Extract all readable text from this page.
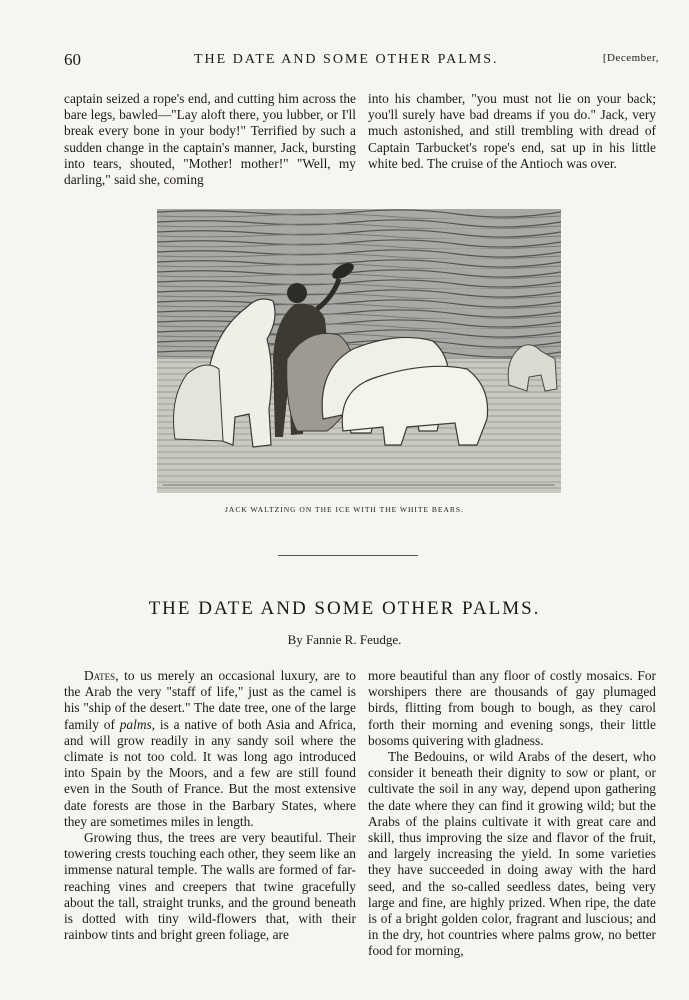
60	THE DATE AND SOME OTHER PALMS.	[December,

captain seized a rope's end, and cutting him across the bare legs, bawled—"Lay aloft there, you lubber, or I'll break every bone in your body!" Terrified by such a sudden change in the captain's manner, Jack, bursting into tears, shouted, "Mother! mother!" "Well, my darling," said she, coming

into his chamber, "you must not lie on your back; you'll surely have bad dreams if you do." Jack, very much astonished, and still trembling with dread of Captain Tarbucket's rope's end, sat up in his little white bed. The cruise of the Antioch was over.

JACK WALTZING ON THE ICE WITH THE WHITE BEARS.
THE DATE AND SOME OTHER PALMS.
By Fannie R. Feudge.

Dates, to us merely an occasional luxury, are to the Arab the very "staff of life," just as the camel is his "ship of the desert." The date tree, one of the large family of palms, is a native of both Asia and Africa, and will grow readily in any sandy soil where the climate is not too cold. It was long ago introduced into Spain by the Moors, and a few are still found even in the South of France. But the most extensive date forests are those in the Barbary States, where they are sometimes miles in length.

Growing thus, the trees are very beautiful. Their towering crests touching each other, they seem like an immense natural temple. The walls are formed of far-reaching vines and creepers that twine gracefully about the tall, straight trunks, and the ground beneath is dotted with tiny wild-flowers that, with their rainbow tints and bright green foliage, are

more beautiful than any floor of costly mosaics. For worshipers there are thousands of gay plumaged birds, flitting from bough to bough, as they carol forth their morning and evening songs, their little bosoms quivering with gladness.

The Bedouins, or wild Arabs of the desert, who consider it beneath their dignity to sow or plant, or cultivate the soil in any way, depend upon gathering the date where they can find it growing wild; but the Arabs of the plains cultivate it with great care and skill, thus improving the size and flavor of the fruit, and largely increasing the yield. In some varieties they have succeeded in doing away with the hard seed, and the so-called seedless dates, being very large and fine, are highly prized. When ripe, the date is of a bright golden color, fragrant and luscious; and in the dry, hot countries where palms grow, no better food for morning,
